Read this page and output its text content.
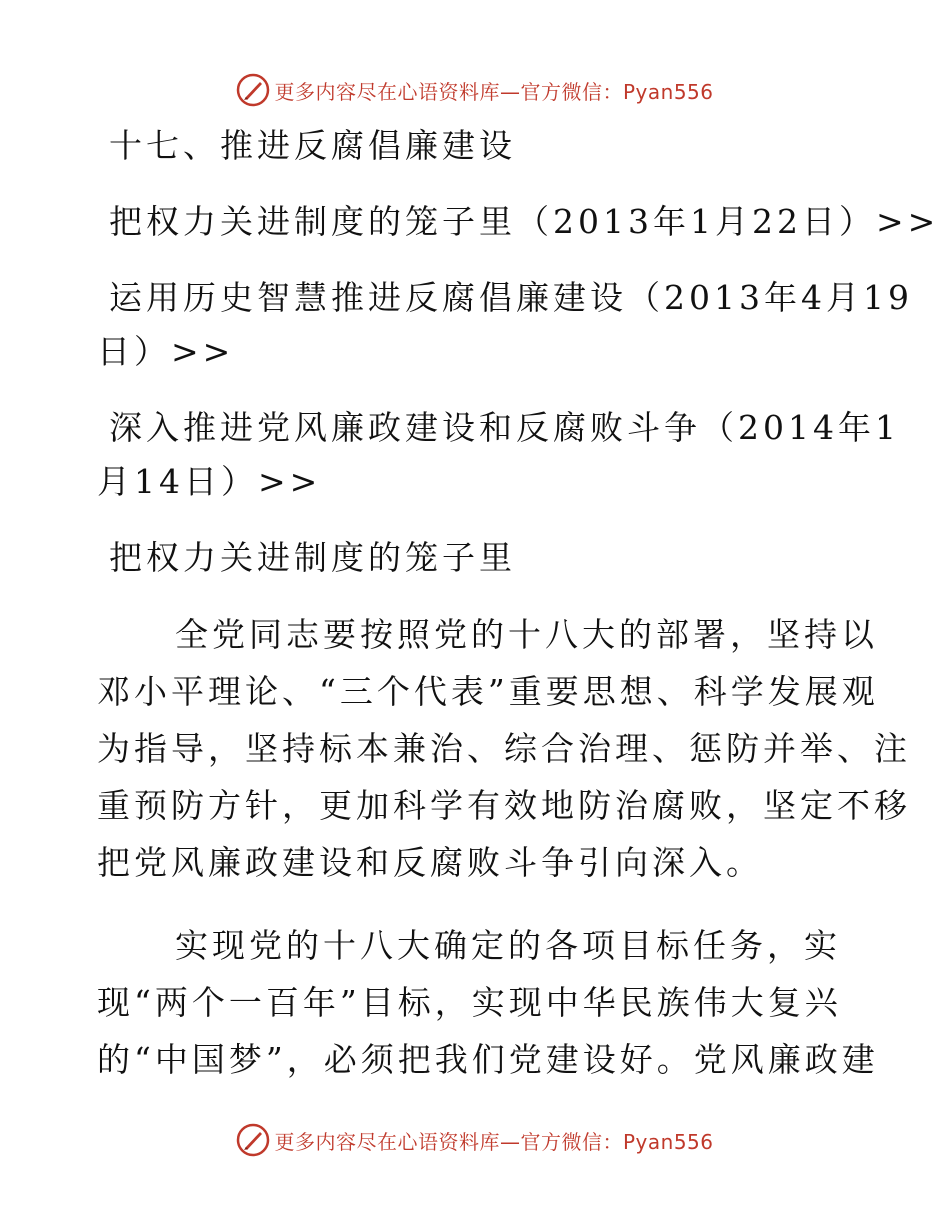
更多内容尽在心语资料库—官方微信：Pyan556

十七、推进反腐倡廉建设

把权力关进制度的笼子里（2013年1月22日）>>
运用历史智慧推进反腐倡廉建设（2013年4月19
日）>>
深入推进党风廉政建设和反腐败斗争（2014年1
月14日）>>

把权力关进制度的笼子里

全党同志要按照党的十八大的部署，坚持以
邓小平理论、“三个代表”重要思想、科学发展观
为指导，坚持标本兼治、综合治理、惩防并举、注
重预防方针，更加科学有效地防治腐败，坚定不移
把党风廉政建设和反腐败斗争引向深入。
实现党的十八大确定的各项目标任务，实
现“两个一百年”目标，实现中华民族伟大复兴
的“中国梦”，必须把我们党建设好。党风廉政建
更多内容尽在心语资料库—官方微信：Pyan556
